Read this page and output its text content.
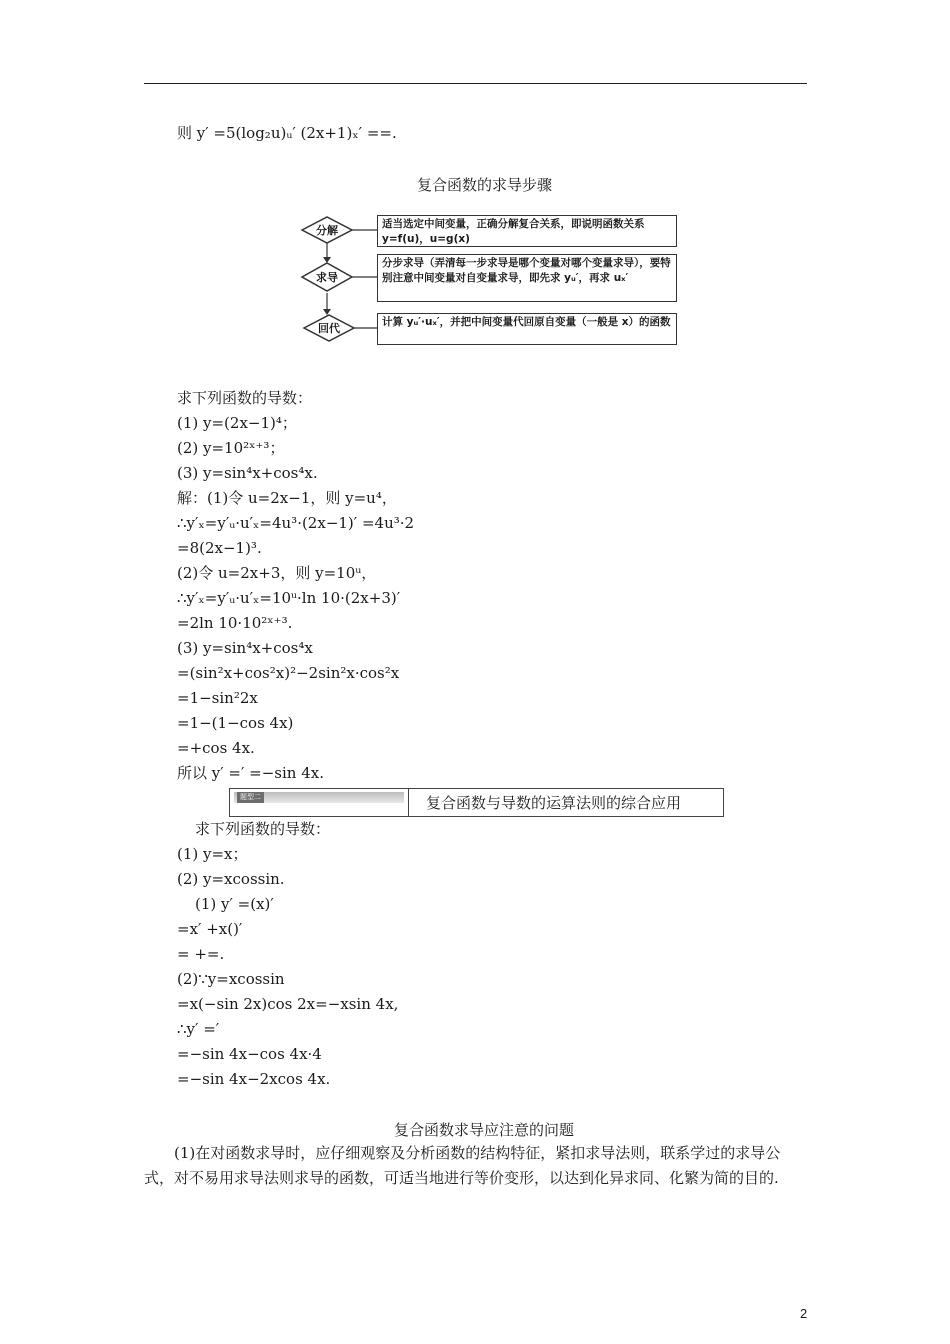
则 y′ =5(log₂u)ᵤ′ (2x+1)ₓ′ ==.
复合函数的求导步骤
分解
求导
回代
适当选定中间变量，正确分解复合关系，即说明函数关系 y=f(u)，u=g(x)
分步求导（弄清每一步求导是哪个变量对哪个变量求导），要特别注意中间变量对自变量求导，即先求 yᵤ′，再求 uₓ′
计算 yᵤ′·uₓ′，并把中间变量代回原自变量（一般是 x）的函数
求下列函数的导数：
(1) y=(2x−1)⁴；
(2) y=10²ˣ⁺³；
(3) y=sin⁴x+cos⁴x.
解：(1)令 u=2x−1，则 y=u⁴，
∴y′ₓ=y′ᵤ·u′ₓ=4u³·(2x−1)′ =4u³·2
=8(2x−1)³.
(2)令 u=2x+3，则 y=10ᵘ，
∴y′ₓ=y′ᵤ·u′ₓ=10ᵘ·ln 10·(2x+3)′
=2ln 10·10²ˣ⁺³.
(3) y=sin⁴x+cos⁴x
=(sin²x+cos²x)²−2sin²x·cos²x
=1−sin²2x
=1−(1−cos 4x)
=+cos 4x.
所以 y′ =′ =−sin 4x.
题型二	复合函数与导数的运算法则的综合应用
求下列函数的导数：
(1) y=x；
(2) y=xcossin.
(1) y′ =(x)′
=x′ +x()′
= +=.
(2)∵y=xcossin
=x(−sin 2x)cos 2x=−xsin 4x,
∴y′ =′
=−sin 4x−cos 4x·4
=−sin 4x−2xcos 4x.
复合函数求导应注意的问题
(1)在对函数求导时，应仔细观察及分析函数的结构特征，紧扣求导法则，联系学过的求导公式，对不易用求导法则求导的函数，可适当地进行等价变形，以达到化异求同、化繁为简的目的.
2
